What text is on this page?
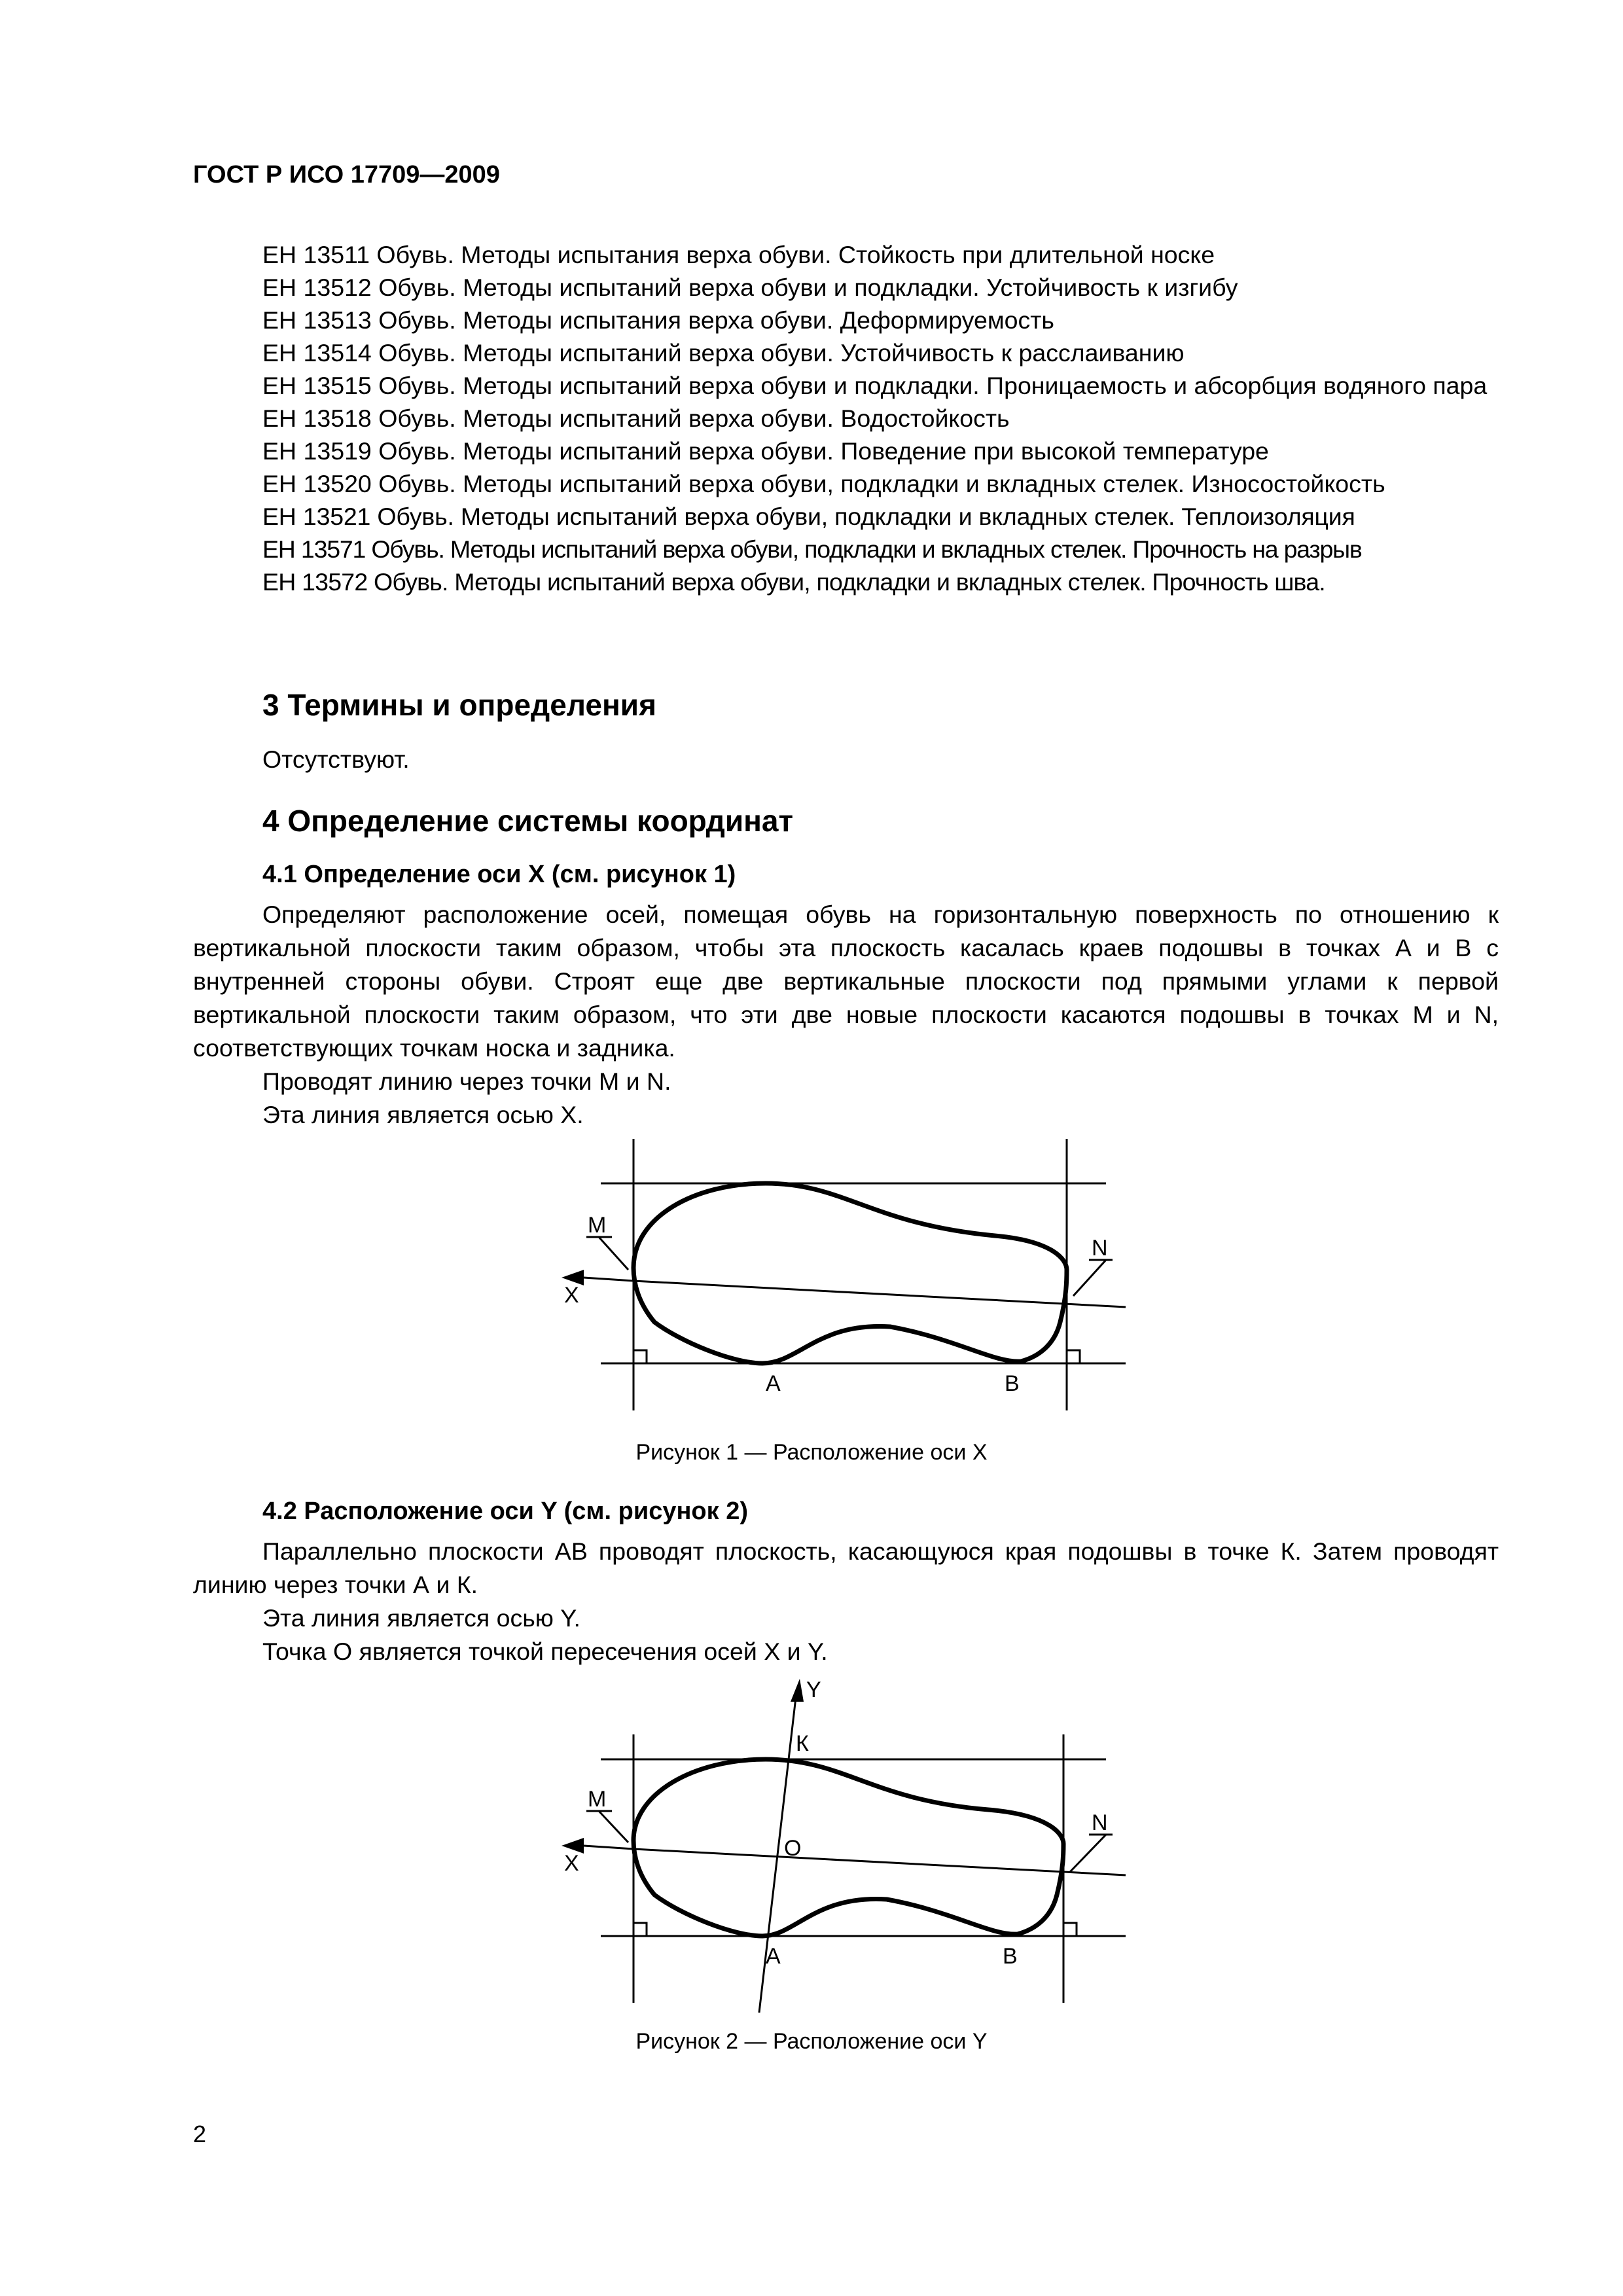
ГОСТ Р ИСО 17709—2009
ЕН 13511 Обувь. Методы испытания верха обуви. Стойкость при длительной носке
ЕН 13512 Обувь. Методы испытаний верха обуви и подкладки. Устойчивость к изгибу
ЕН 13513 Обувь. Методы испытания верха обуви. Деформируемость
ЕН 13514 Обувь. Методы испытаний верха обуви. Устойчивость к расслаиванию
ЕН 13515 Обувь. Методы испытаний верха обуви и подкладки. Проницаемость и абсорбция водяного пара
ЕН 13518 Обувь. Методы испытаний верха обуви. Водостойкость
ЕН 13519 Обувь. Методы испытаний верха обуви. Поведение при высокой температуре
ЕН 13520 Обувь. Методы испытаний верха обуви, подкладки и вкладных стелек. Износостойкость
ЕН 13521 Обувь. Методы испытаний верха обуви, подкладки и вкладных стелек. Теплоизоляция
ЕН 13571 Обувь. Методы испытаний верха обуви, подкладки и вкладных стелек. Прочность на разрыв
ЕН 13572 Обувь. Методы испытаний верха обуви, подкладки и вкладных стелек. Прочность шва.
3 Термины и определения
Отсутствуют.
4 Определение системы координат
4.1 Определение оси X (см. рисунок 1)
Определяют расположение осей, помещая обувь на горизонтальную поверхность по отношению к вертикальной плоскости таким образом, чтобы эта плоскость касалась краев подошвы в точках А и В с внутренней стороны обуви. Строят еще две вертикальные плоскости под прямыми углами к первой вертикальной плоскости таким образом, что эти две новые плоскости касаются подошвы в точках М и N, соответствующих точкам носка и задника.
Проводят линию через точки М и N.
Эта линия является осью X.
М
N
X
А	В
Рисунок 1 — Расположение оси X
4.2 Расположение оси Y (см. рисунок 2)
Параллельно плоскости АВ проводят плоскость, касающуюся края подошвы в точке К. Затем проводят линию через точки А и К.
Эта линия является осью Y.
Точка О является точкой пересечения осей X и Y.
Y
К
О
М
N
X
А	В
Рисунок 2 — Расположение оси Y
2
